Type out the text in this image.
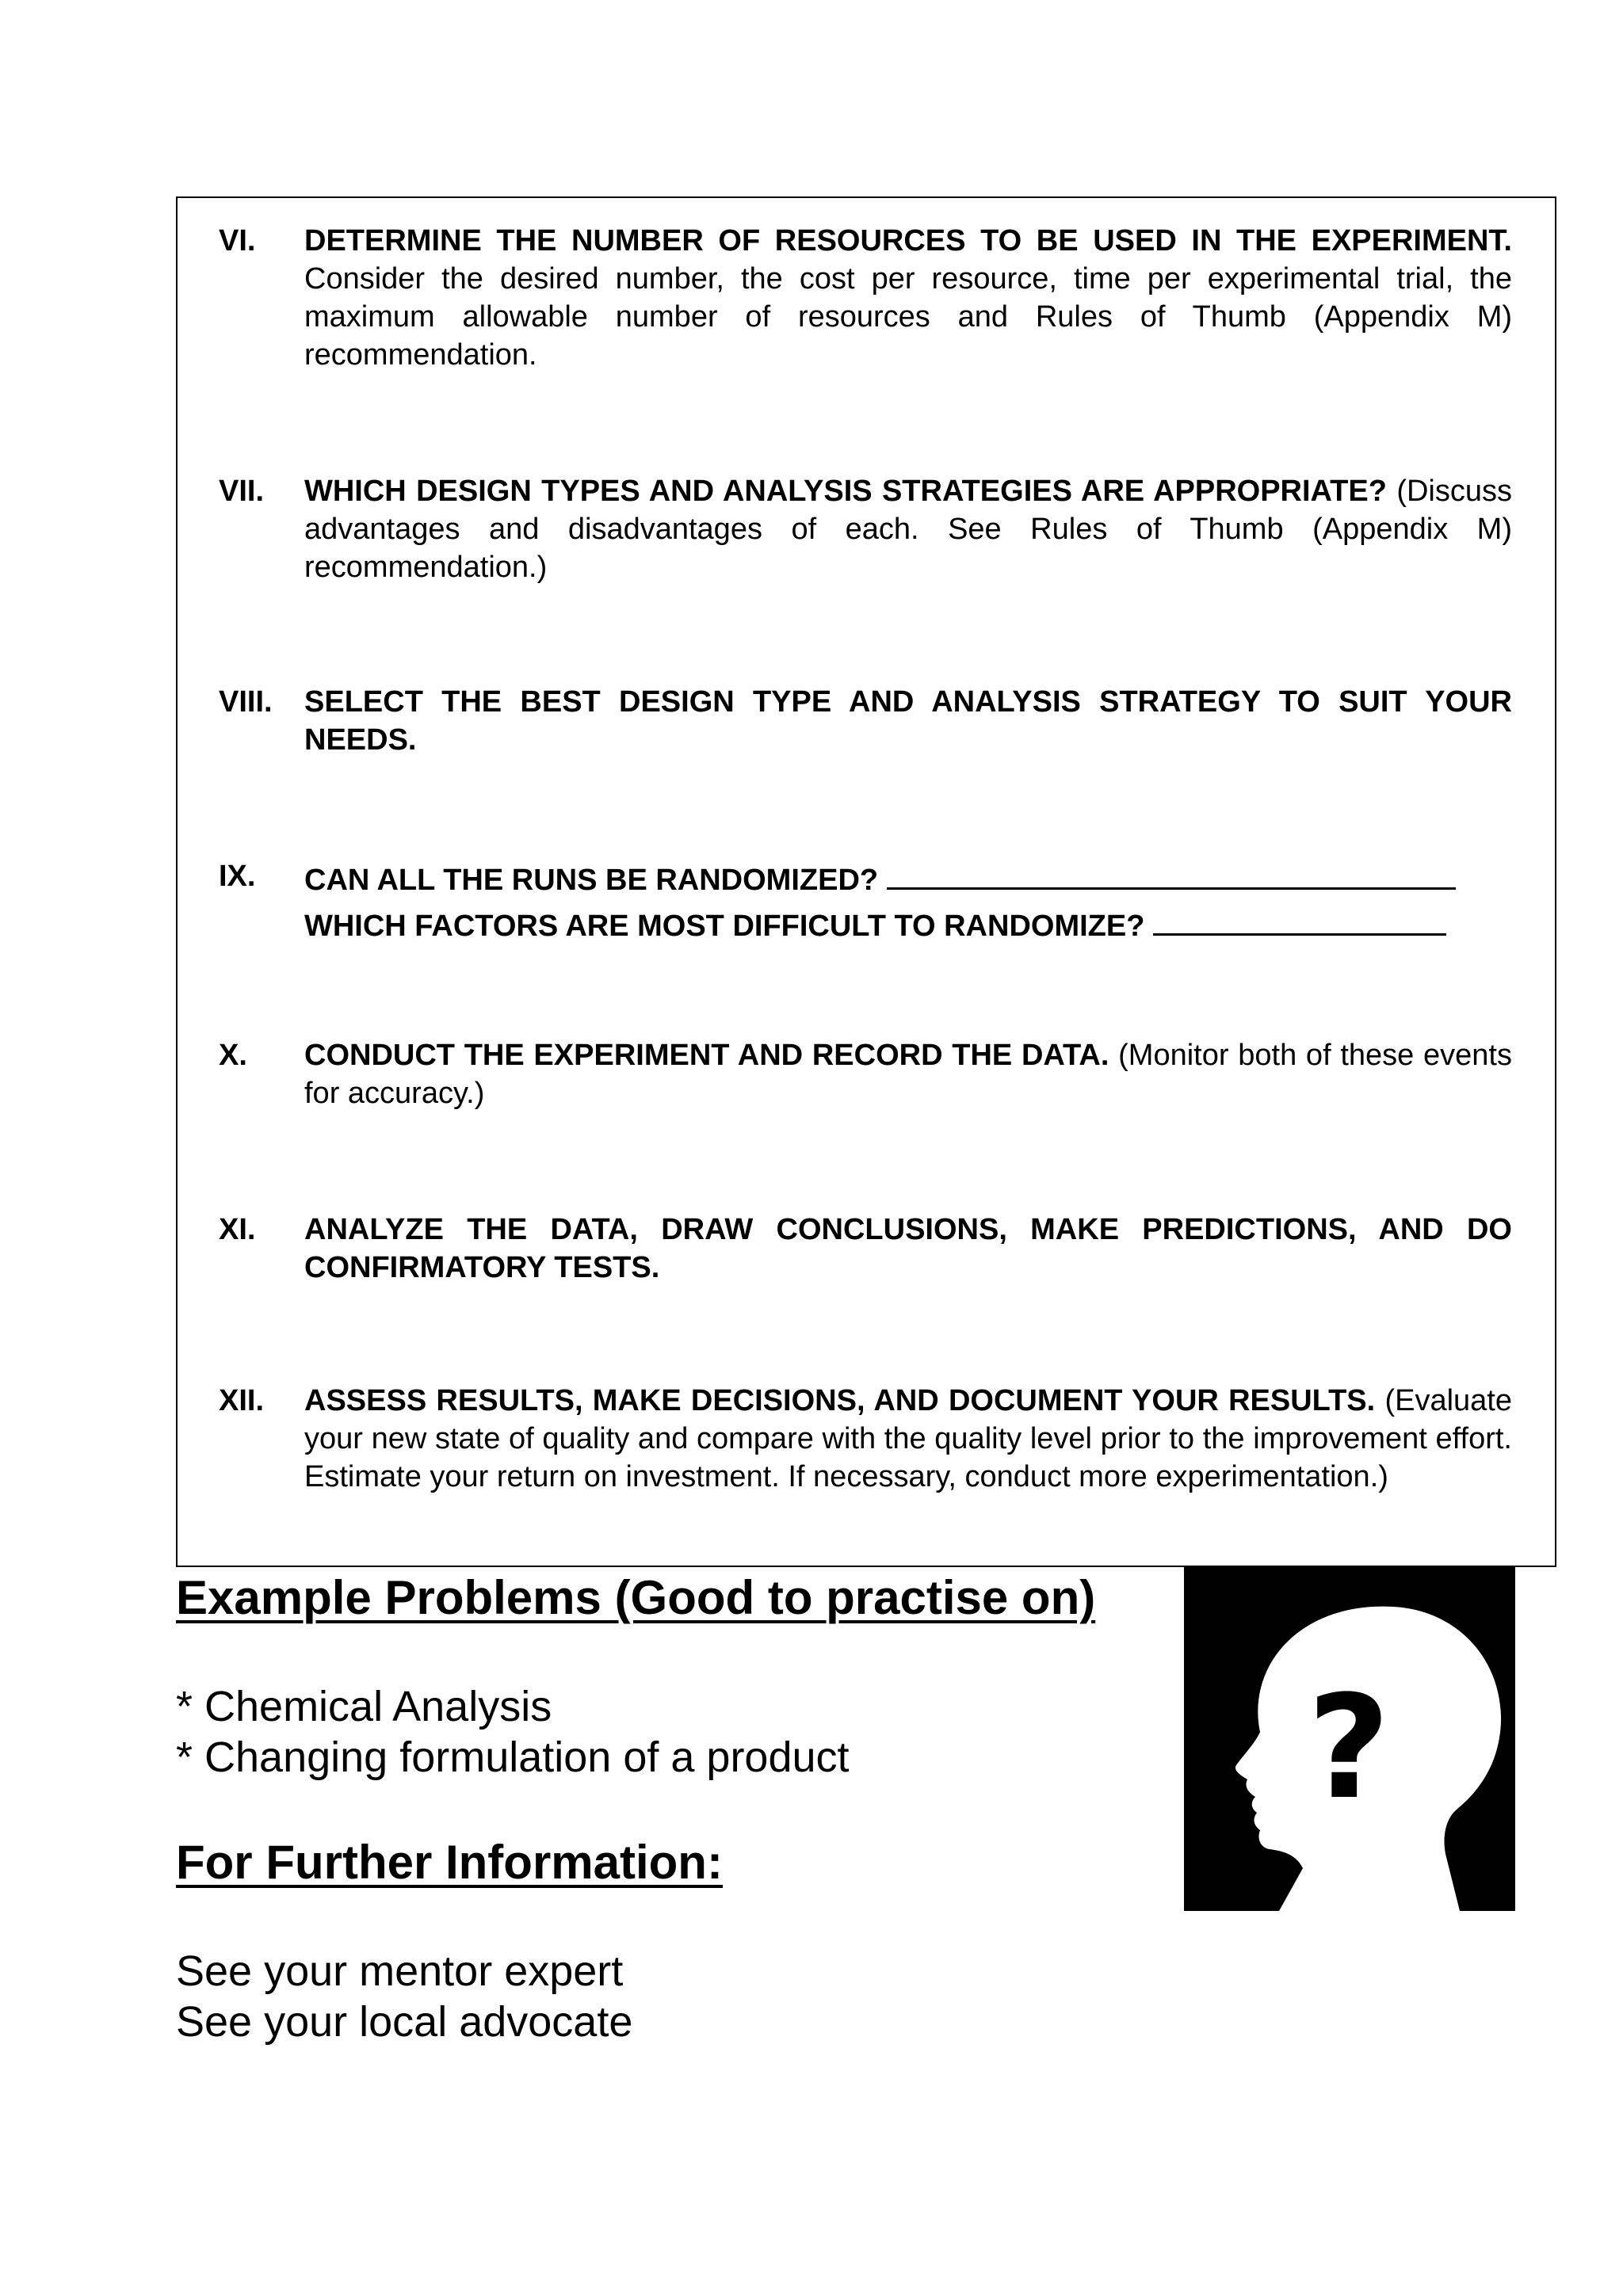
VI. DETERMINE THE NUMBER OF RESOURCES TO BE USED IN THE EXPERIMENT. Consider the desired number, the cost per resource, time per experimental trial, the maximum allowable number of resources and Rules of Thumb (Appendix M) recommendation.
VII. WHICH DESIGN TYPES AND ANALYSIS STRATEGIES ARE APPROPRIATE? (Discuss advantages and disadvantages of each. See Rules of Thumb (Appendix M) recommendation.)
VIII. SELECT THE BEST DESIGN TYPE AND ANALYSIS STRATEGY TO SUIT YOUR NEEDS.
IX. CAN ALL THE RUNS BE RANDOMIZED?
WHICH FACTORS ARE MOST DIFFICULT TO RANDOMIZE?
X. CONDUCT THE EXPERIMENT AND RECORD THE DATA. (Monitor both of these events for accuracy.)
XI. ANALYZE THE DATA, DRAW CONCLUSIONS, MAKE PREDICTIONS, AND DO CONFIRMATORY TESTS.
XII. ASSESS RESULTS, MAKE DECISIONS, AND DOCUMENT YOUR RESULTS. (Evaluate your new state of quality and compare with the quality level prior to the improvement effort. Estimate your return on investment. If necessary, conduct more experimentation.)
Example Problems (Good to practise on)
* Chemical Analysis
* Changing formulation of a product
For Further Information:
See your mentor expert
See your local advocate
?
